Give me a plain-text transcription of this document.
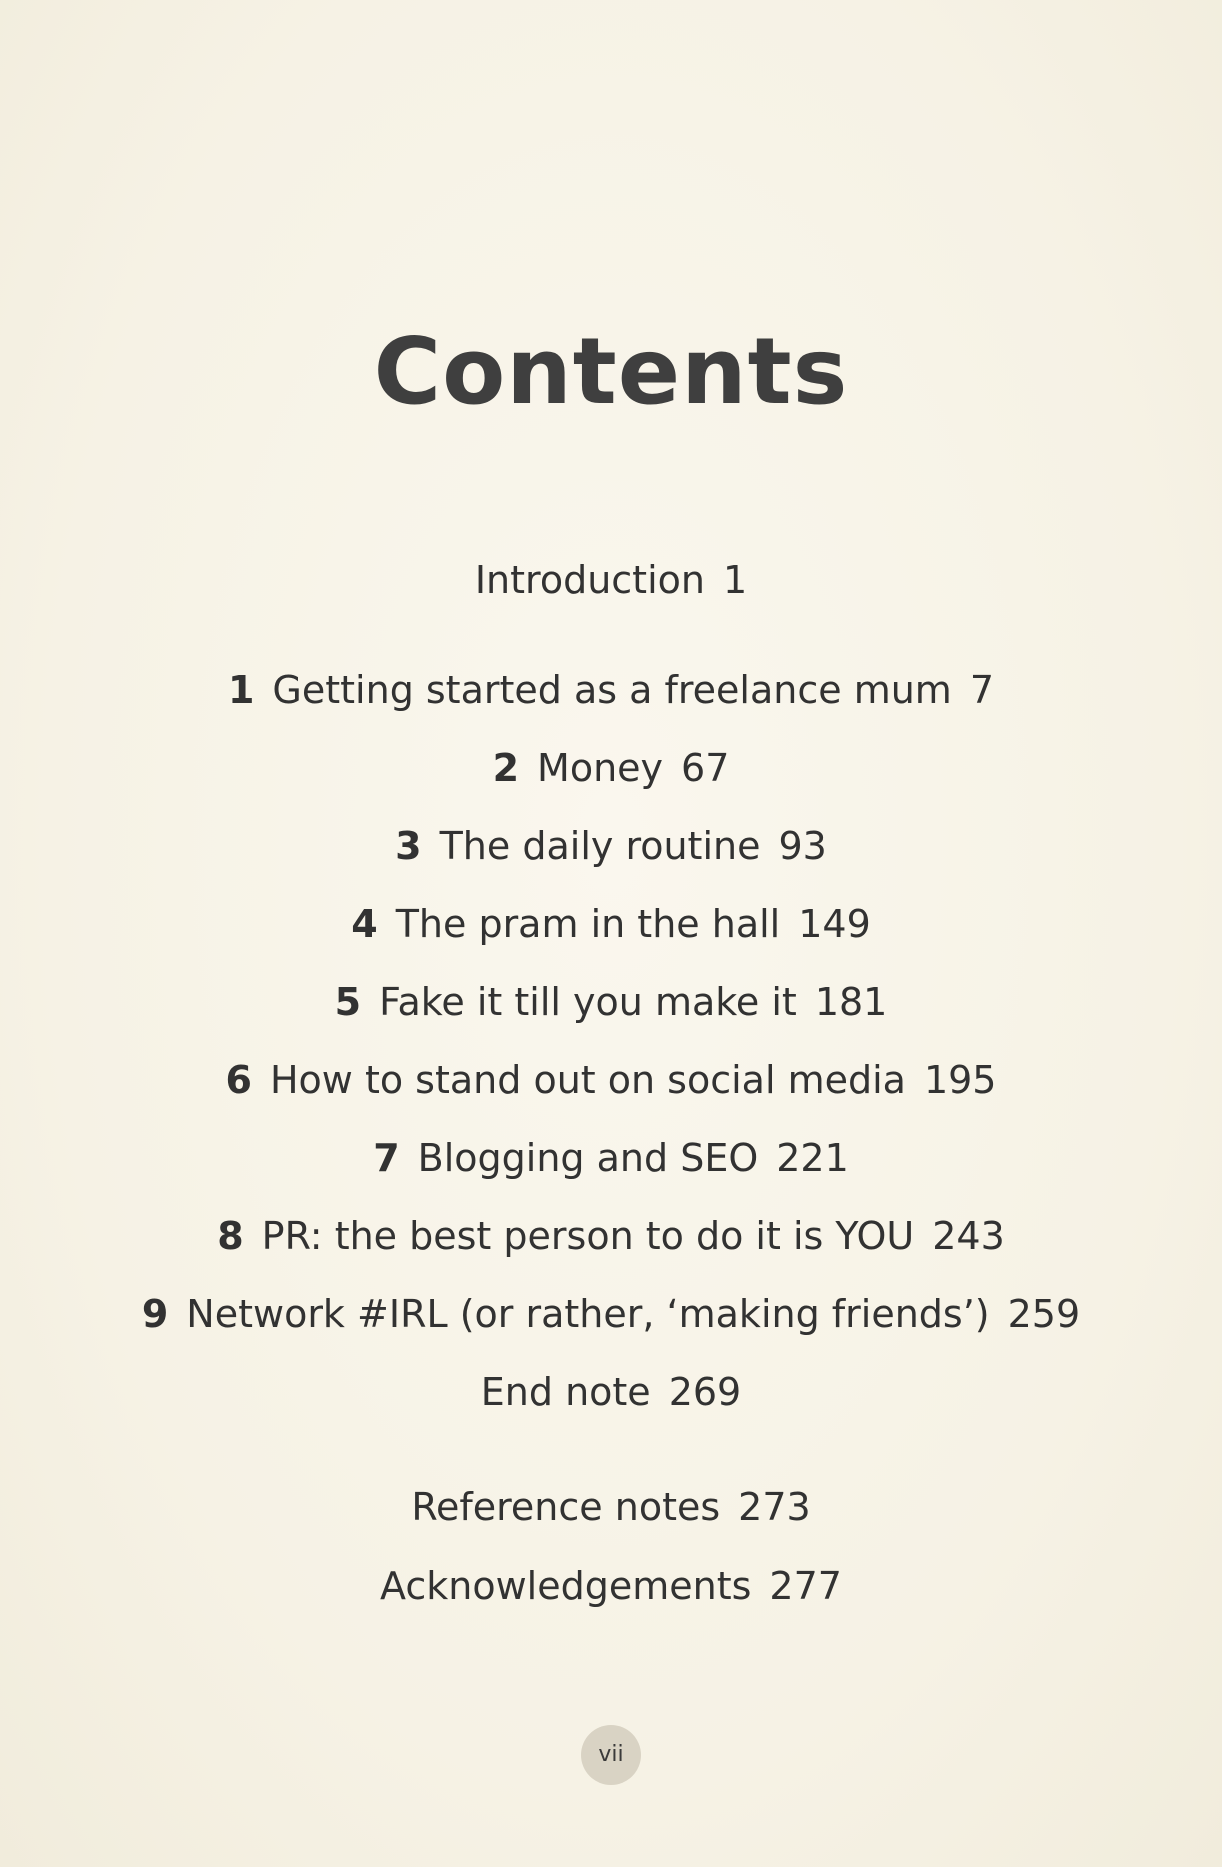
Contents
Introduction 1
1 Getting started as a freelance mum 7
2 Money 67
3 The daily routine 93
4 The pram in the hall 149
5 Fake it till you make it 181
6 How to stand out on social media 195
7 Blogging and SEO 221
8 PR: the best person to do it is YOU 243
9 Network #IRL (or rather, ‘making friends’) 259
End note 269
Reference notes 273
Acknowledgements 277
vii
